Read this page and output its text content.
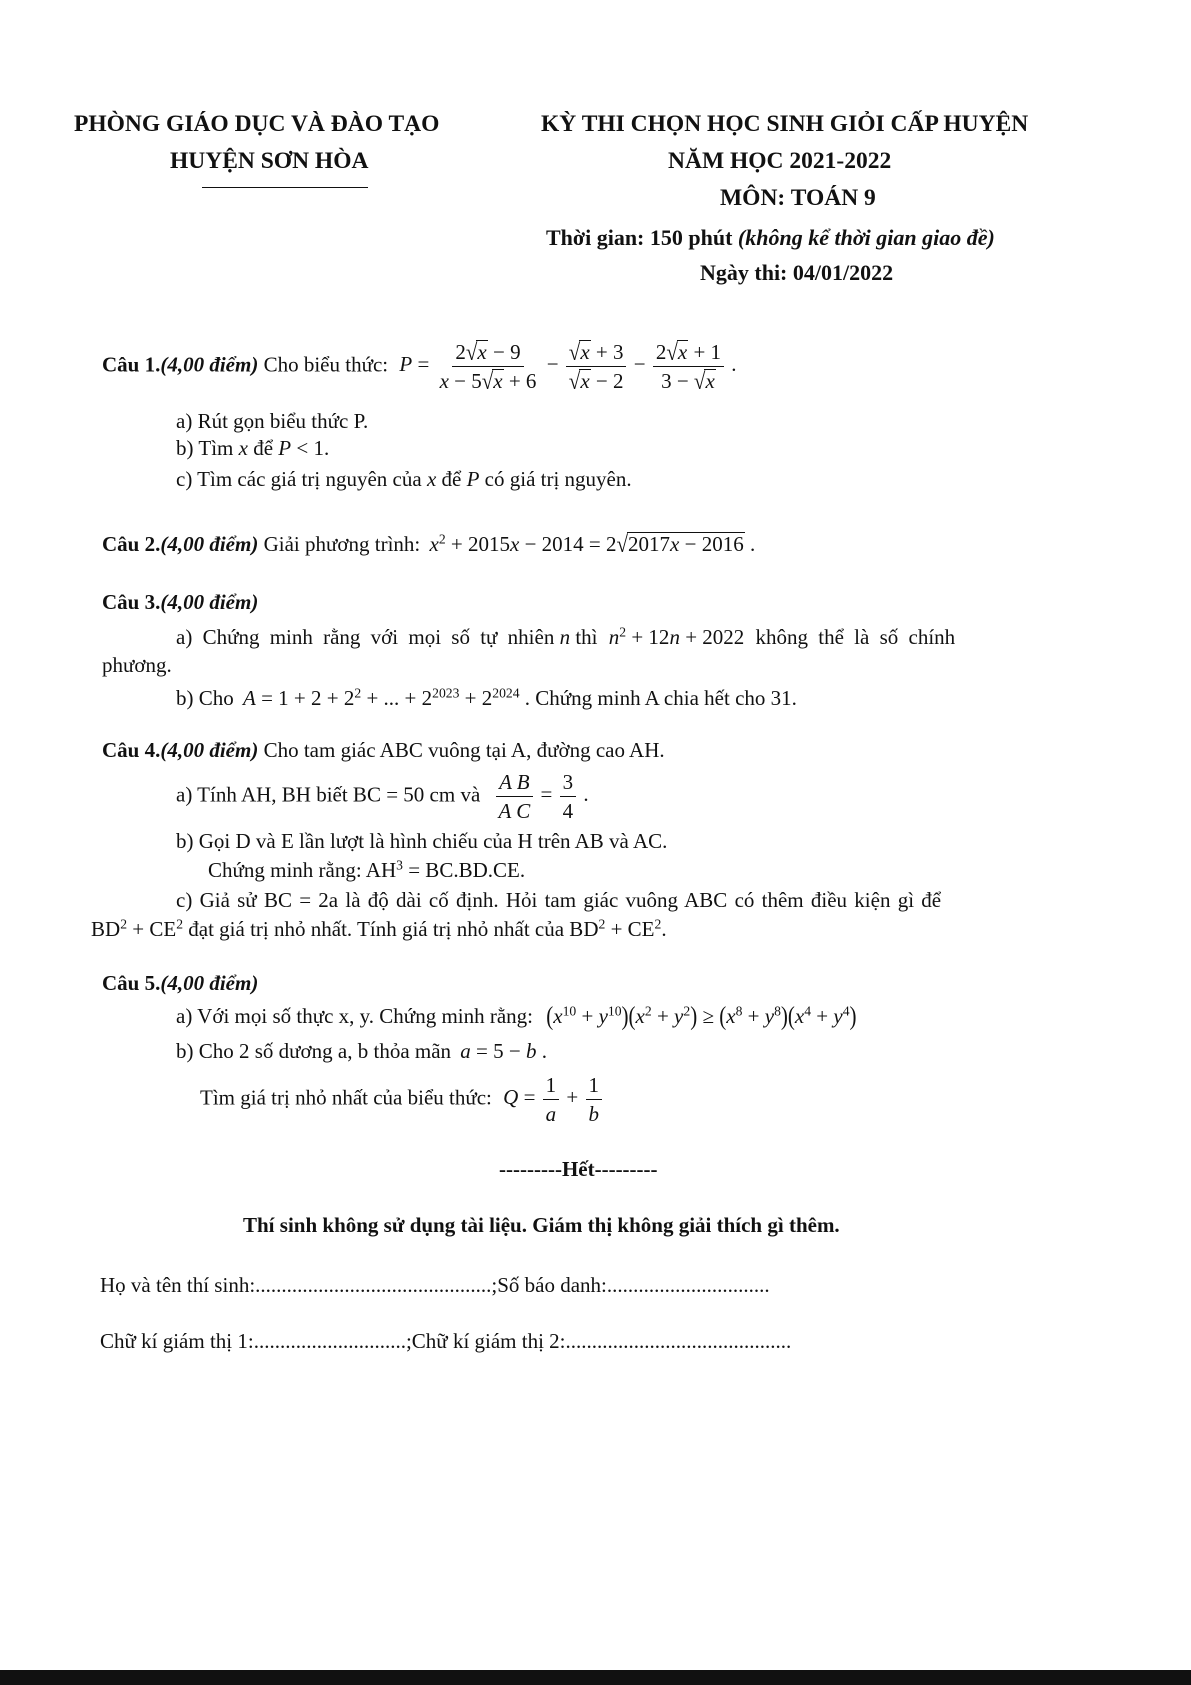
PHÒNG GIÁO DỤC VÀ ĐÀO TẠO
HUYỆN SƠN HÒA
KỲ THI CHỌN HỌC SINH GIỎI CẤP HUYỆN
NĂM HỌC 2021-2022
MÔN: TOÁN 9
Thời gian: 150 phút (không kể thời gian giao đề)
Ngày thi: 04/01/2022
Câu 1.(4,00 điểm) Cho biểu thức: $P = \frac{2√x - 9}{x - 5√x + 6} - \frac{√x + 3}{√x - 2} - \frac{2√x + 1}{3 - √x}$ .
a) Rút gọn biểu thức P.
b) Tìm x để P < 1.
c) Tìm các giá trị nguyên của x để P có giá trị nguyên.
Câu 2.(4,00 điểm) Giải phương trình: $x^2 + 2015x - 2014 = 2√2017x - 2016$ .
Câu 3.(4,00 điểm)
a) Chứng minh rằng với mọi số tự nhiên n thì $n^2 + 12n + 2022$ không thể là số chính
phương.
b) Cho $A = 1 + 2 + 2^2$ + ... + $2^{2023} + 2^{2024}$ . Chứng minh A chia hết cho 31.
Câu 4.(4,00 điểm) Cho tam giác ABC vuông tại A, đường cao AH.
a) Tính AH, BH biết BC = 50 cm và $\frac{\text{A B}}{\text{A C}} = \frac{3}{4}$ .
b) Gọi D và E lần lượt là hình chiếu của H trên AB và AC.
Chứng minh rằng: $AH^3 = BC.BD.CE$.
c) Giả sử BC = 2a là độ dài cố định. Hỏi tam giác vuông ABC có thêm điều kiện gì để
$BD^2 + CE^2$ đạt giá trị nhỏ nhất. Tính giá trị nhỏ nhất của $BD^2 + CE^2$.
Câu 5.(4,00 điểm)
a) Với mọi số thực x, y. Chứng minh rằng: $(x^{10} + y^{10})(x^2 + y^2) \ge (x^8 + y^8)(x^4 + y^4)$
b) Cho 2 số dương a, b thỏa mãn a = 5 − b .
Tìm giá trị nhỏ nhất của biểu thức: $Q = \frac{1}{a} + \frac{1}{b}$
---------Hết---------
Thí sinh không sử dụng tài liệu. Giám thị không giải thích gì thêm.
Họ và tên thí sinh:.............................................;Số báo danh:...............................
Chữ kí giám thị 1:.............................;Chữ kí giám thị 2:...........................................
